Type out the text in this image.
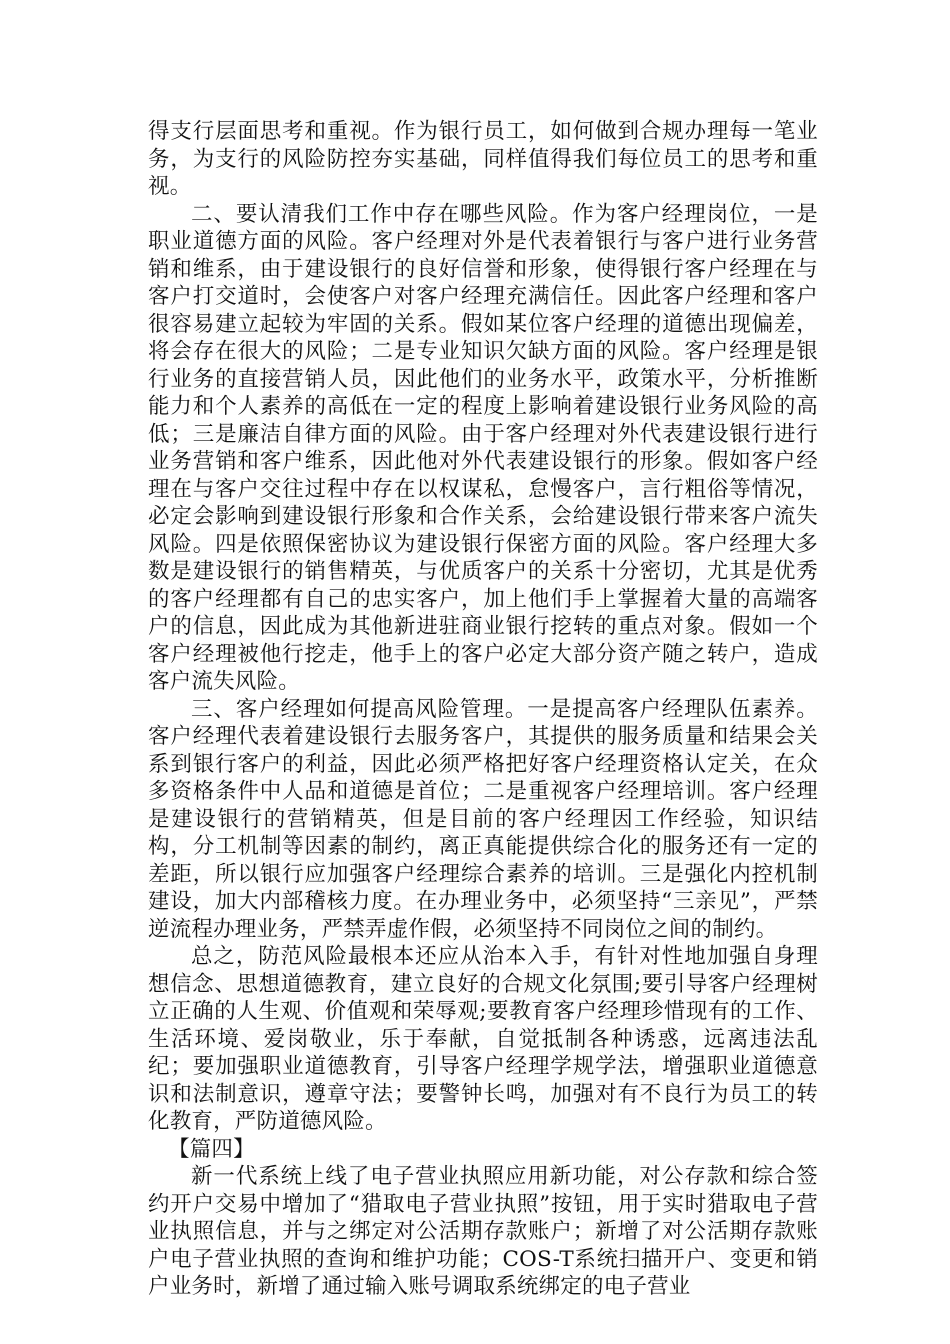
得支行层面思考和重视。作为银行员工，如何做到合规办理每一笔业务，为支行的风险防控夯实基础，同样值得我们每位员工的思考和重视。

二、要认清我们工作中存在哪些风险。作为客户经理岗位，一是职业道德方面的风险。客户经理对外是代表着银行与客户进行业务营销和维系，由于建设银行的良好信誉和形象，使得银行客户经理在与客户打交道时，会使客户对客户经理充满信任。因此客户经理和客户很容易建立起较为牢固的关系。假如某位客户经理的道德出现偏差，将会存在很大的风险；二是专业知识欠缺方面的风险。客户经理是银行业务的直接营销人员，因此他们的业务水平，政策水平，分析推断能力和个人素养的高低在一定的程度上影响着建设银行业务风险的高低；三是廉洁自律方面的风险。由于客户经理对外代表建设银行进行业务营销和客户维系，因此他对外代表建设银行的形象。假如客户经理在与客户交往过程中存在以权谋私，怠慢客户，言行粗俗等情况，必定会影响到建设银行形象和合作关系，会给建设银行带来客户流失风险。四是依照保密协议为建设银行保密方面的风险。客户经理大多数是建设银行的销售精英，与优质客户的关系十分密切，尤其是优秀的客户经理都有自己的忠实客户，加上他们手上掌握着大量的高端客户的信息，因此成为其他新进驻商业银行挖转的重点对象。假如一个客户经理被他行挖走，他手上的客户必定大部分资产随之转户，造成客户流失风险。

三、客户经理如何提高风险管理。一是提高客户经理队伍素养。客户经理代表着建设银行去服务客户，其提供的服务质量和结果会关系到银行客户的利益，因此必须严格把好客户经理资格认定关，在众多资格条件中人品和道德是首位；二是重视客户经理培训。客户经理是建设银行的营销精英，但是目前的客户经理因工作经验，知识结构，分工机制等因素的制约，离正真能提供综合化的服务还有一定的差距，所以银行应加强客户经理综合素养的培训。三是强化内控机制建设，加大内部稽核力度。在办理业务中，必须坚持“三亲见”，严禁逆流程办理业务，严禁弄虚作假，必须坚持不同岗位之间的制约。

总之，防范风险最根本还应从治本入手，有针对性地加强自身理想信念、思想道德教育，建立良好的合规文化氛围;要引导客户经理树立正确的人生观、价值观和荣辱观;要教育客户经理珍惜现有的工作、生活环境、爱岗敬业，乐于奉献，自觉抵制各种诱惑，远离违法乱纪；要加强职业道德教育，引导客户经理学规学法，增强职业道德意识和法制意识，遵章守法；要警钟长鸣，加强对有不良行为员工的转化教育，严防道德风险。

【篇四】

新一代系统上线了电子营业执照应用新功能，对公存款和综合签约开户交易中增加了“猎取电子营业执照”按钮，用于实时猎取电子营业执照信息，并与之绑定对公活期存款账户；新增了对公活期存款账户电子营业执照的查询和维护功能；COS-T系统扫描开户、变更和销户业务时，新增了通过输入账号调取系统绑定的电子营业
